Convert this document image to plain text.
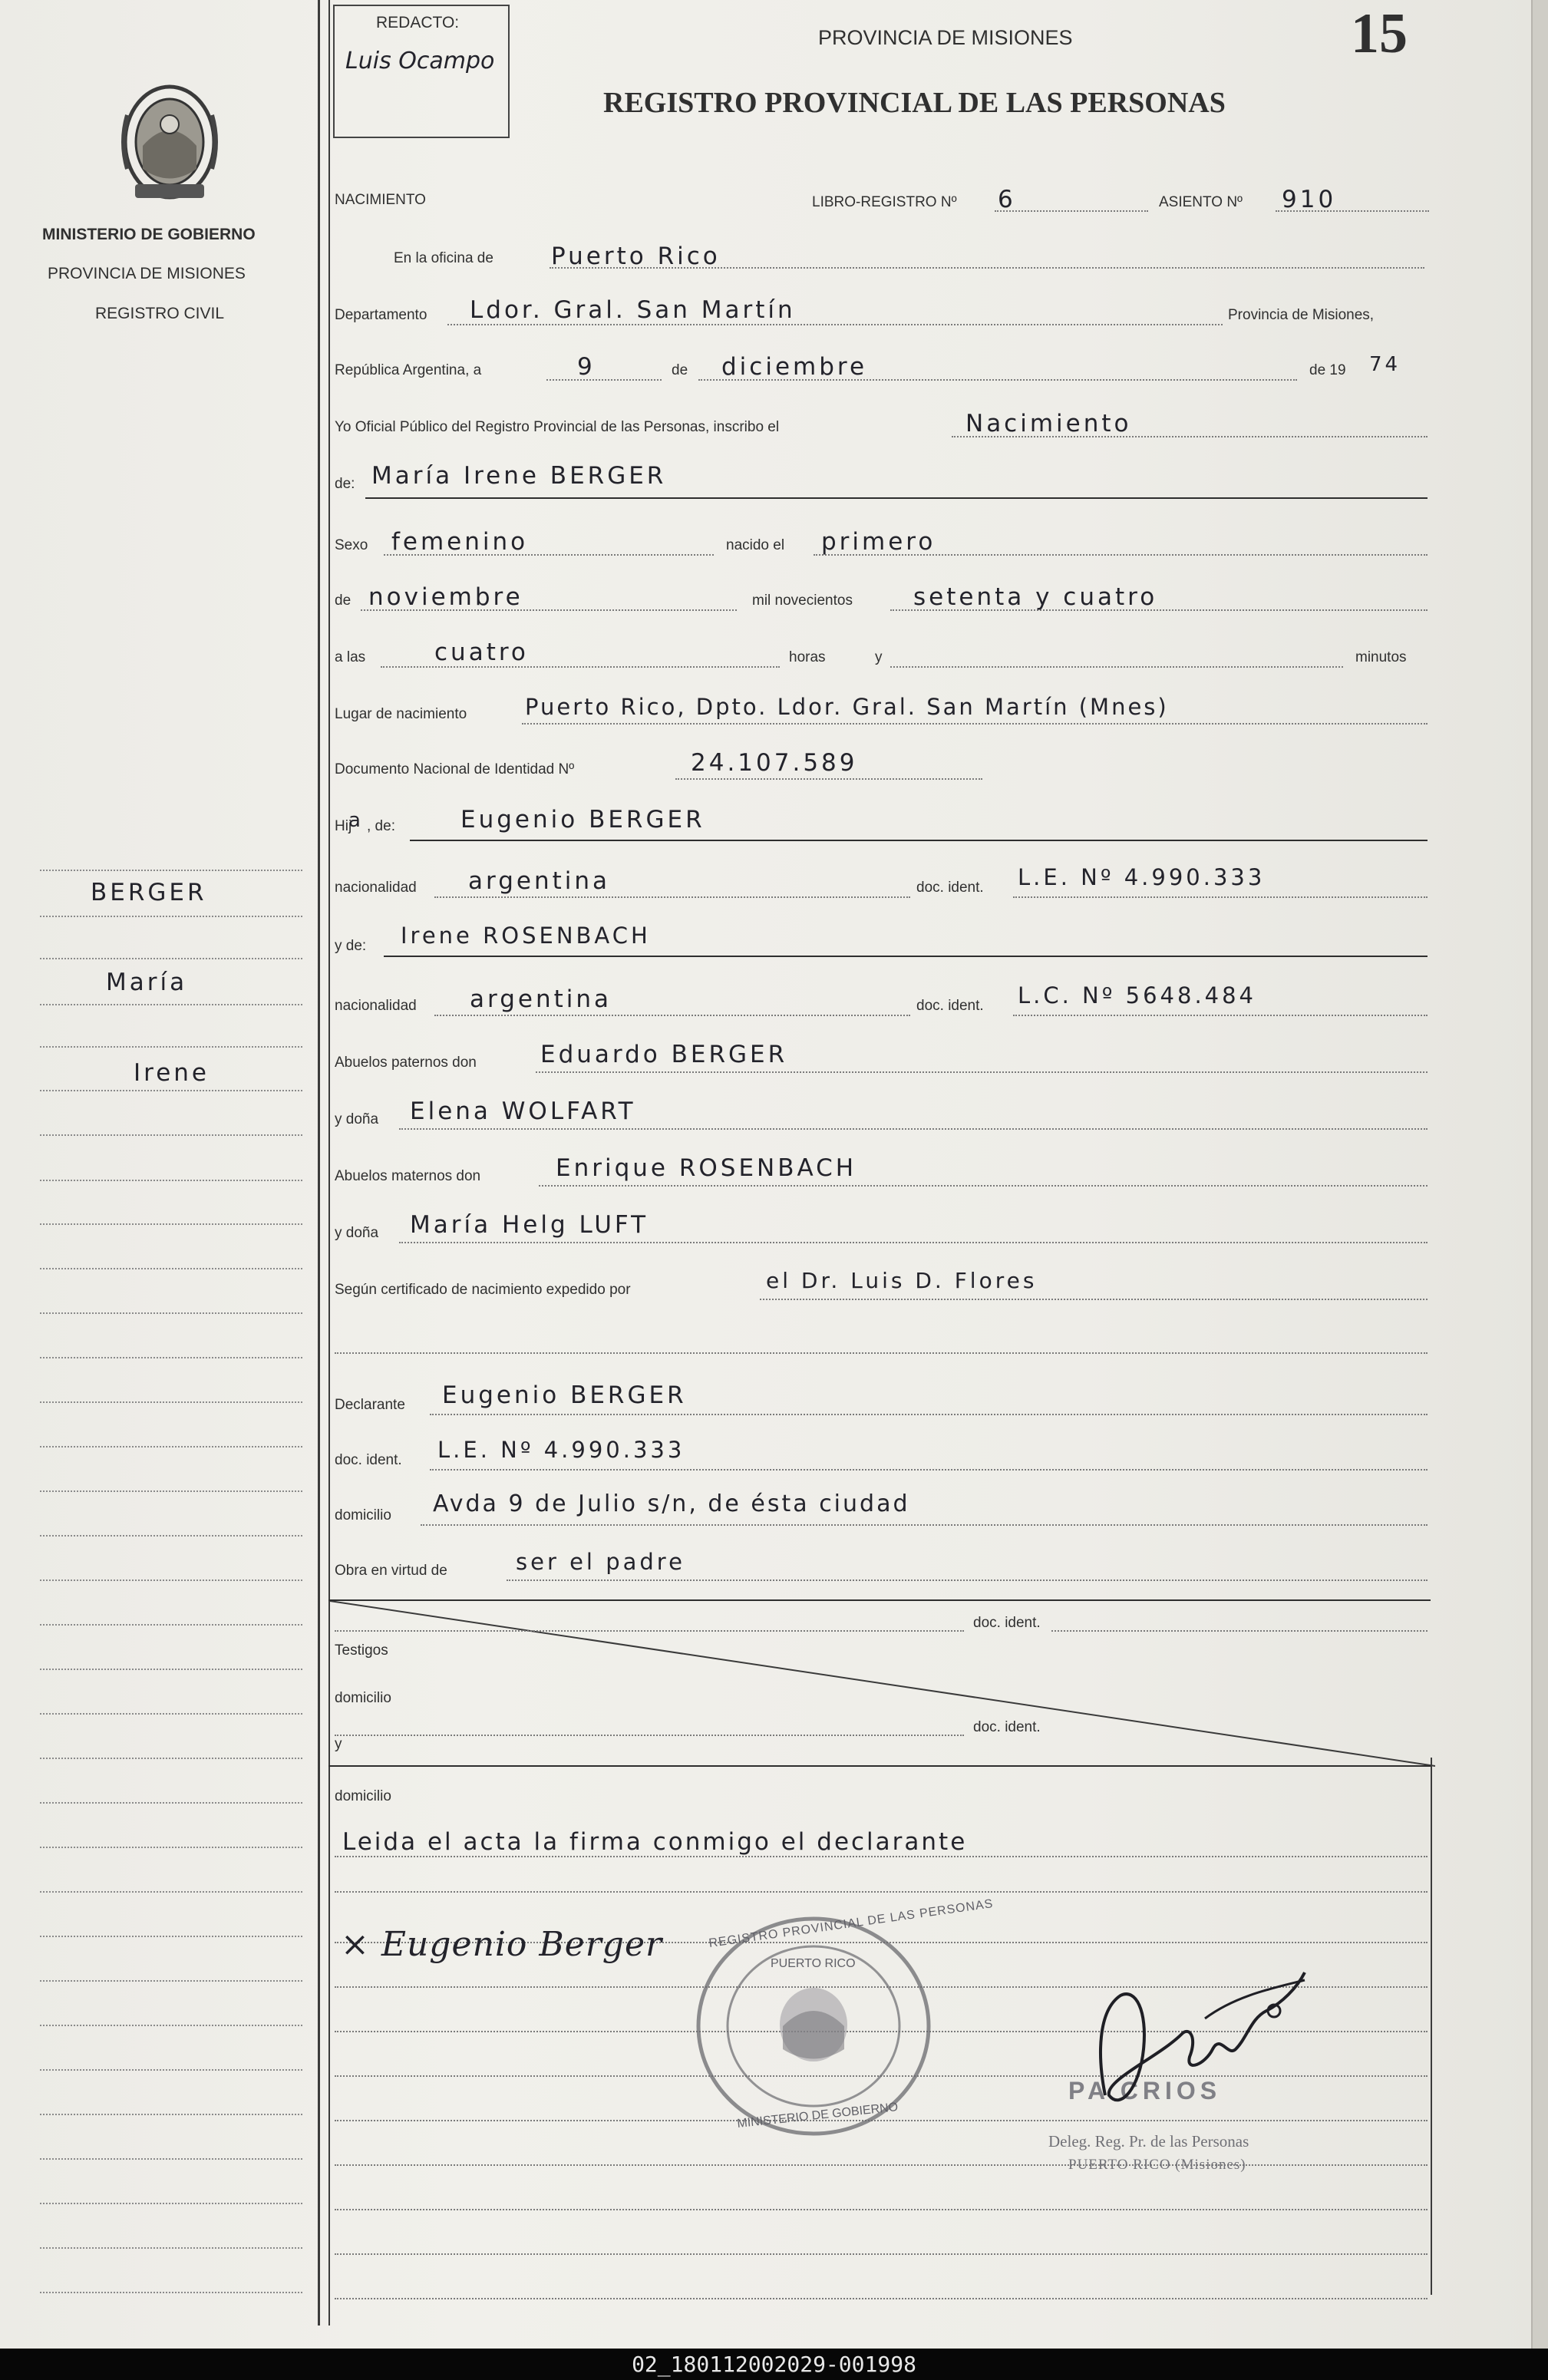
MINISTERIO DE GOBIERNO
PROVINCIA DE MISIONES
REGISTRO CIVIL
BERGER
María
Irene
REDACTO:
Luis Ocampo
PROVINCIA DE MISIONES
REGISTRO PROVINCIAL DE LAS PERSONAS
15
NACIMIENTO	LIBRO-REGISTRO Nº 6	ASIENTO Nº 910
En la oficina de Puerto Rico
Departamento Ldor. Gral. San Martín	Provincia de Misiones,
República Argentina, a	9	de diciembre	de 19 74
Yo Oficial Público del Registro Provincial de las Personas, inscribo el	Nacimiento
de: María Irene BERGER
Sexo femenino	nacido el primero
de noviembre	mil novecientos	setenta y cuatro
a las	cuatro	horas	y	minutos
Lugar de nacimiento	Puerto Rico, Dpto. Ldor. Gral. San Martín (Mnes)
Documento Nacional de Identidad Nº	24.107.589
Hij
a , de:	Eugenio BERGER
nacionalidad argentina	doc. ident. L.E. Nº 4.990.333
y de: Irene ROSENBACH
nacionalidad argentina	doc. ident. L.C. Nº 5648.484
Abuelos paternos don	Eduardo BERGER
y doña Elena WOLFART
Abuelos maternos don	Enrique ROSENBACH
y doña María Helg LUFT
Según certificado de nacimiento expedido por	el Dr. Luis D. Flores
Declarante Eugenio BERGER
doc. ident. L.E. Nº 4.990.333
domicilio Avda 9 de Julio s/n, de ésta ciudad
Obra en virtud de	ser el padre
doc. ident.
Testigos
domicilio
doc. ident.
y
domicilio
Leida el acta la firma conmigo el declarante
× Eugenio Berger	REGISTRO PROVINCIAL DE LAS PERSONAS
PUERTO RICO
MINISTERIO DE GOBIERNO
PA CRIOS
Deleg. Reg. Pr. de las Personas
PUERTO RICO (Misiones)
02_180112002029-001998
